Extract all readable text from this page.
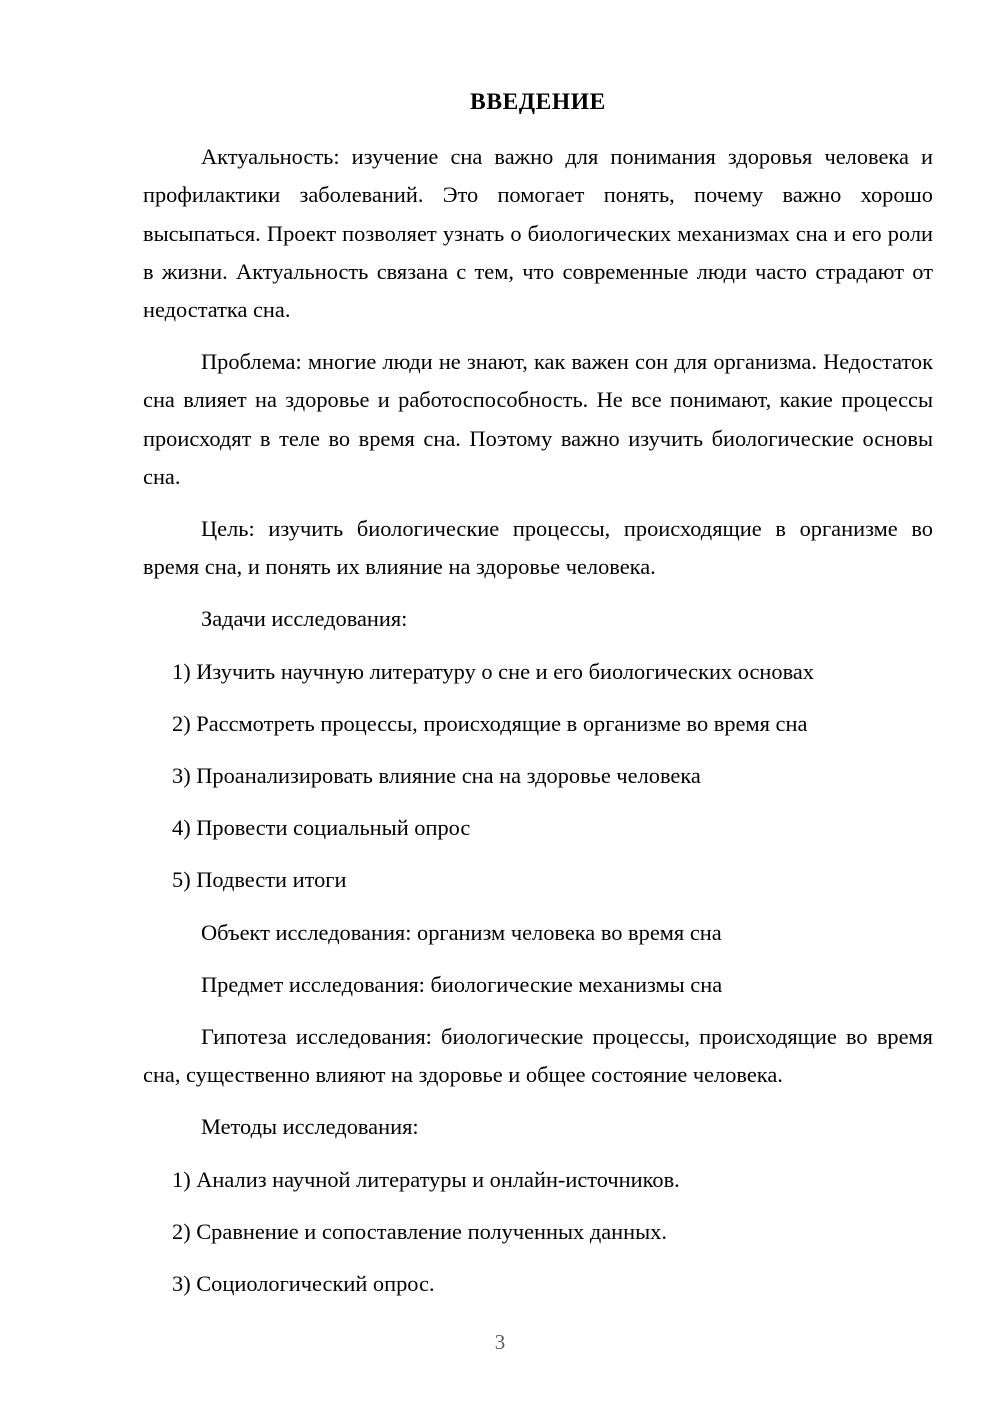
ВВЕДЕНИЕ

Актуальность: изучение сна важно для понимания здоровья человека и профилактики заболеваний. Это помогает понять, почему важно хорошо высыпаться. Проект позволяет узнать о биологических механизмах сна и его роли в жизни. Актуальность связана с тем, что современные люди часто страдают от недостатка сна.

Проблема: многие люди не знают, как важен сон для организма. Недостаток сна влияет на здоровье и работоспособность. Не все понимают, какие процессы происходят в теле во время сна. Поэтому важно изучить биологические основы сна.

Цель: изучить биологические процессы, происходящие в организме во время сна, и понять их влияние на здоровье человека.

Задачи исследования:

1) Изучить научную литературу о сне и его биологических основах

2) Рассмотреть процессы, происходящие в организме во время сна

3) Проанализировать влияние сна на здоровье человека

4) Провести социальный опрос

5) Подвести итоги

Объект исследования: организм человека во время сна

Предмет исследования: биологические механизмы сна

Гипотеза исследования: биологические процессы, происходящие во время сна, существенно влияют на здоровье и общее состояние человека.

Методы исследования:

1) Анализ научной литературы и онлайн-источников.

2) Сравнение и сопоставление полученных данных.

3) Социологический опрос.

3
